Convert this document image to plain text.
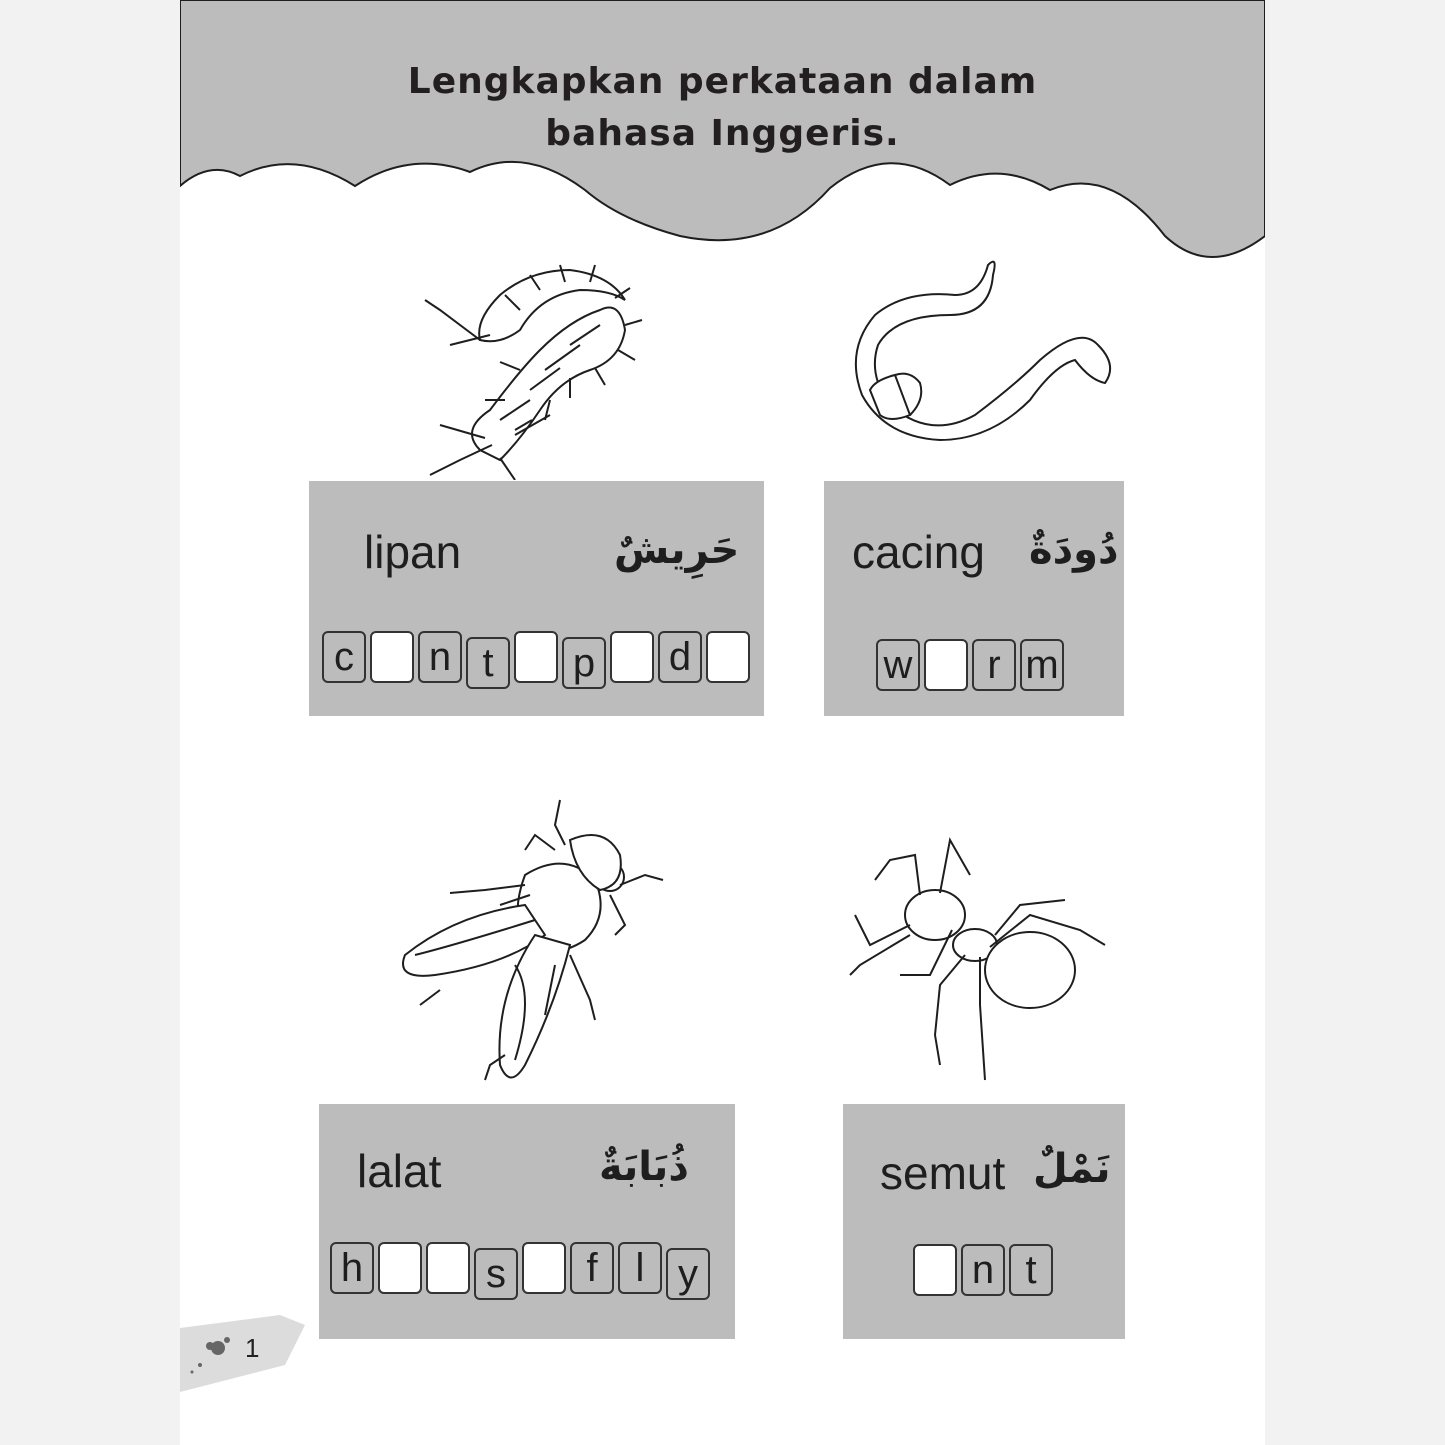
Lengkapkan perkataan dalam
bahasa Inggeris.
lipan	حَرِيشٌ
c	n t	p d
cacing دُودَةٌ
w	r m
lalat	ذُبَابَةٌ
h	s	f l y
semut نَمْلٌ
n t
1
